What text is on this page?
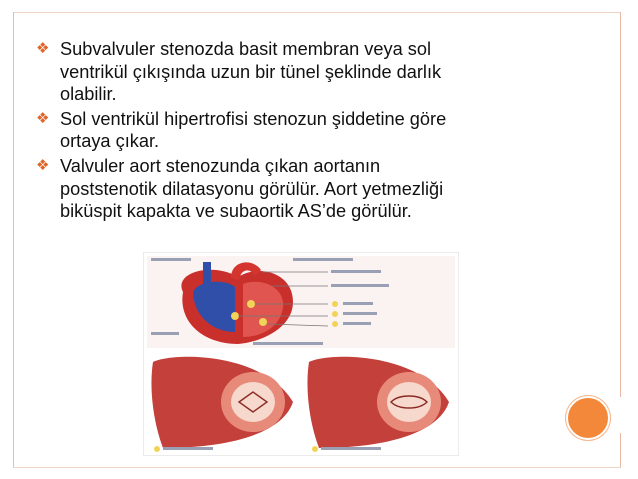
❖ Subvalvuler stenozda basit membran veya sol
ventrikül çıkışında uzun bir tünel şeklinde darlık
olabilir.
❖ Sol ventrikül hipertrofisi stenozun şiddetine göre
ortaya çıkar.
❖ Valvuler aort stenozunda çıkan aortanın
poststenotik dilatasyonu görülür. Aort yetmezliği
biküspit kapakta ve subaortik AS’de görülür.
